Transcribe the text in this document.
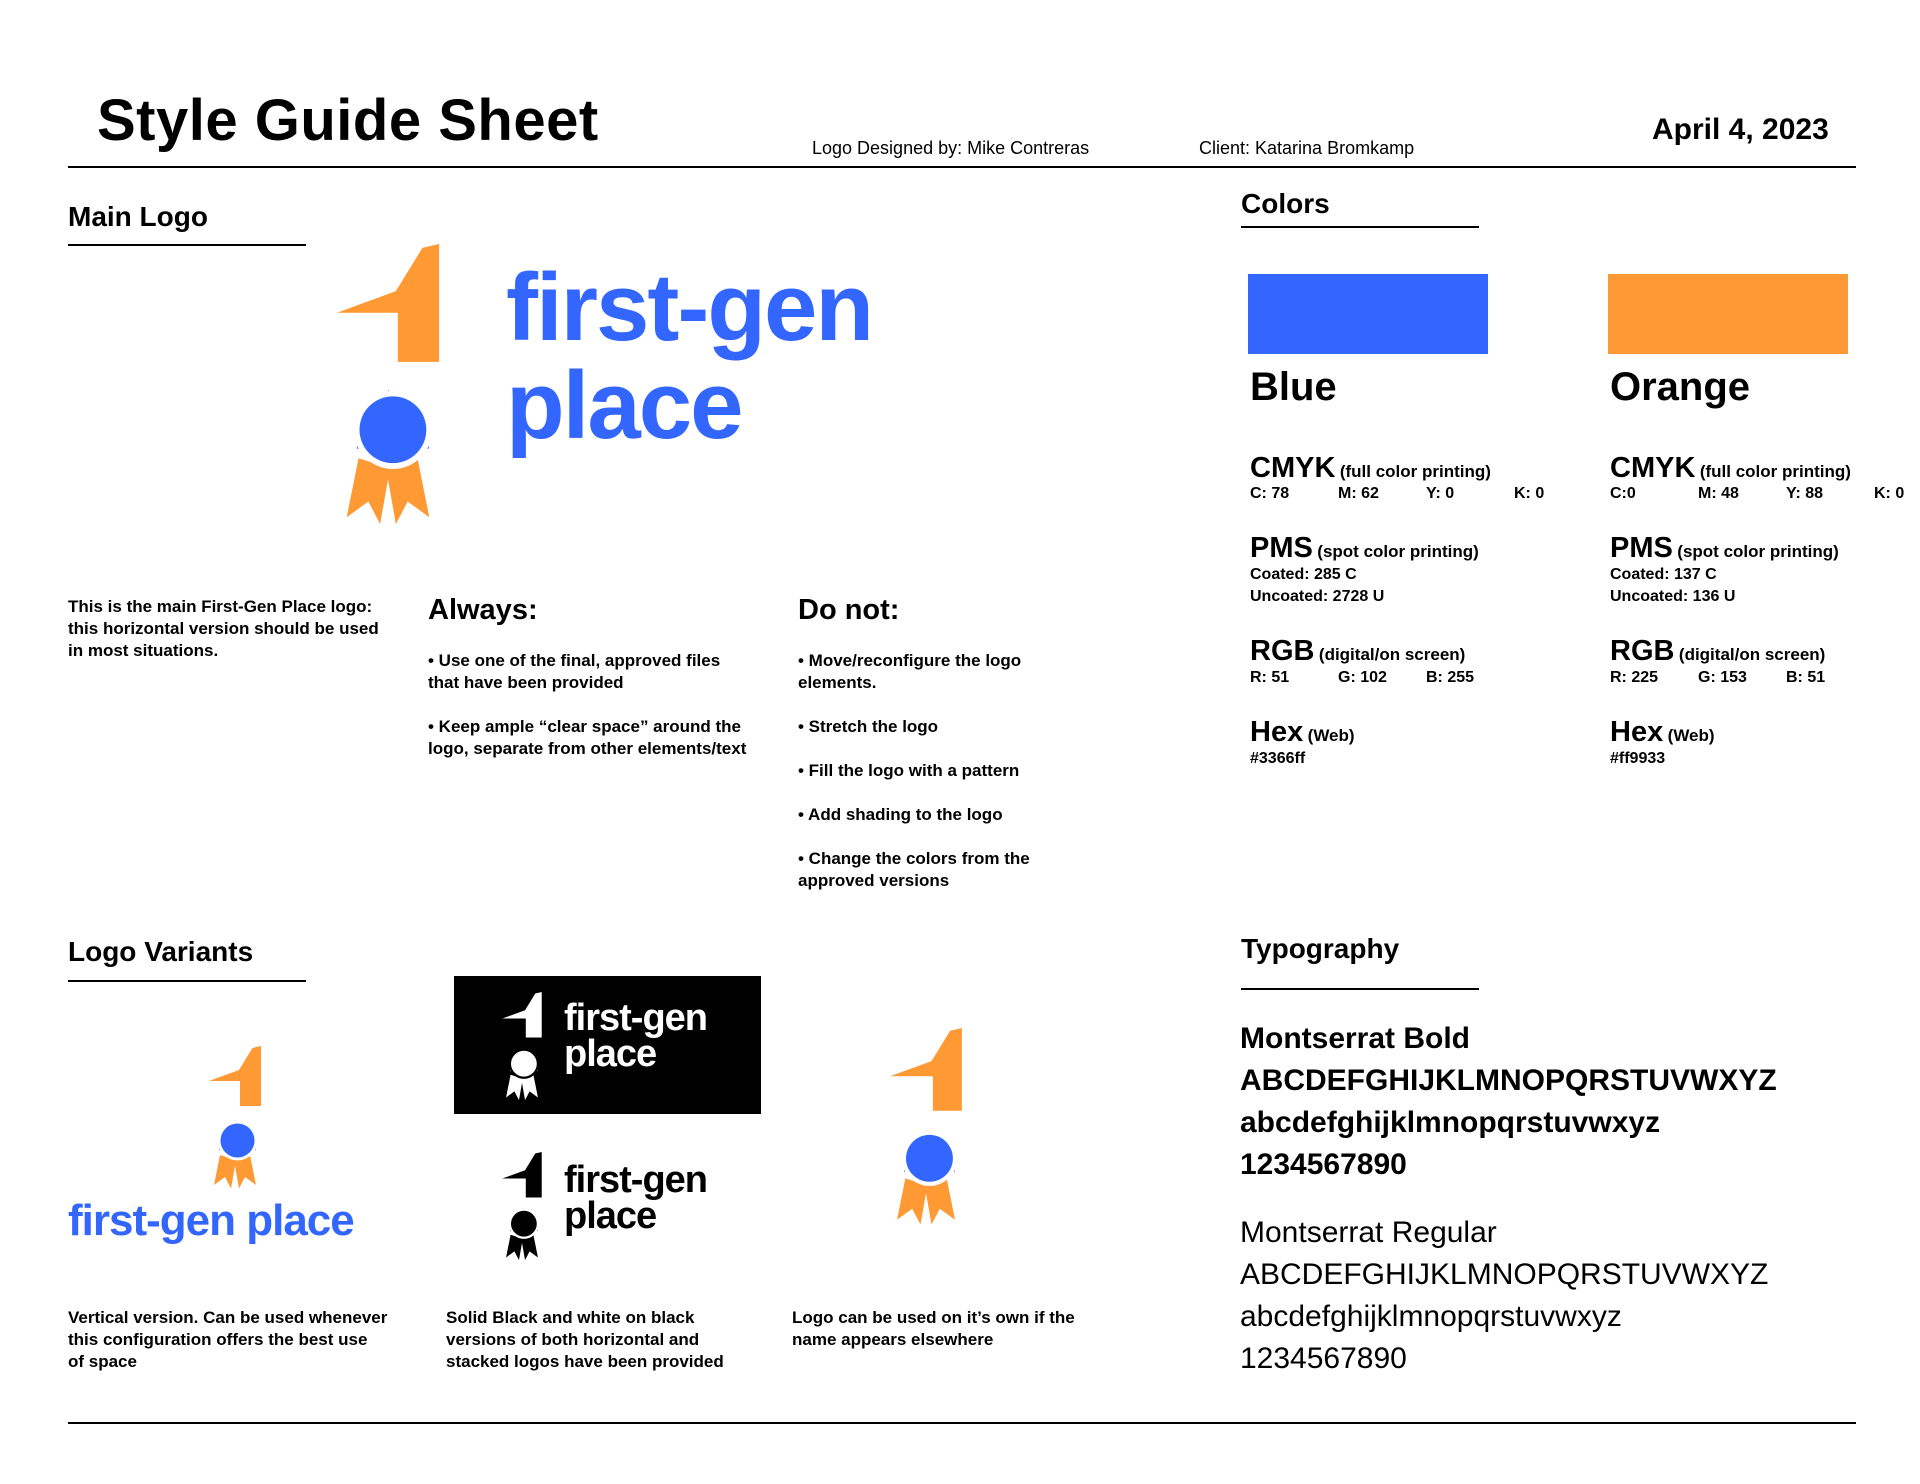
Style Guide Sheet	Logo Designed by: Mike Contreras	Client: Katarina Bromkamp
April 4, 2023
Main Logo
first-gen
place
This is the main First-Gen Place logo: this horizontal version should be used in most situations.
Always:
• Use one of the final, approved files that have been provided
• Keep ample “clear space” around the logo, separate from other elements/text
Do not:
• Move/reconfigure the logo elements.
• Stretch the logo
• Fill the logo with a pattern
• Add shading to the logo
• Change the colors from the approved versions
Colors
Blue
CMYK (full color printing)
C: 78	M: 62	Y: 0	K: 0
PMS (spot color printing)
Coated: 285 C
Uncoated: 2728 U
RGB (digital/on screen)
R: 51	G: 102 B: 255
Hex (Web)
#3366ff
Orange
CMYK (full color printing)
C:0	M: 48	Y: 88	K: 0
PMS (spot color printing)
Coated: 137 C
Uncoated: 136 U
RGB (digital/on screen)
R: 225 G: 153 B: 51
Hex (Web)
#ff9933
Logo Variants
first-gen place
first-gen
place
first-gen
place
Vertical version. Can be used whenever this configuration offers the best use of space
Solid Black and white on black versions of both horizontal and stacked logos have been provided
Logo can be used on it’s own if the name appears elsewhere
Typography
Montserrat Bold
ABCDEFGHIJKLMNOPQRSTUVWXYZ
abcdefghijklmnopqrstuvwxyz
1234567890
Montserrat Regular
ABCDEFGHIJKLMNOPQRSTUVWXYZ
abcdefghijklmnopqrstuvwxyz
1234567890
